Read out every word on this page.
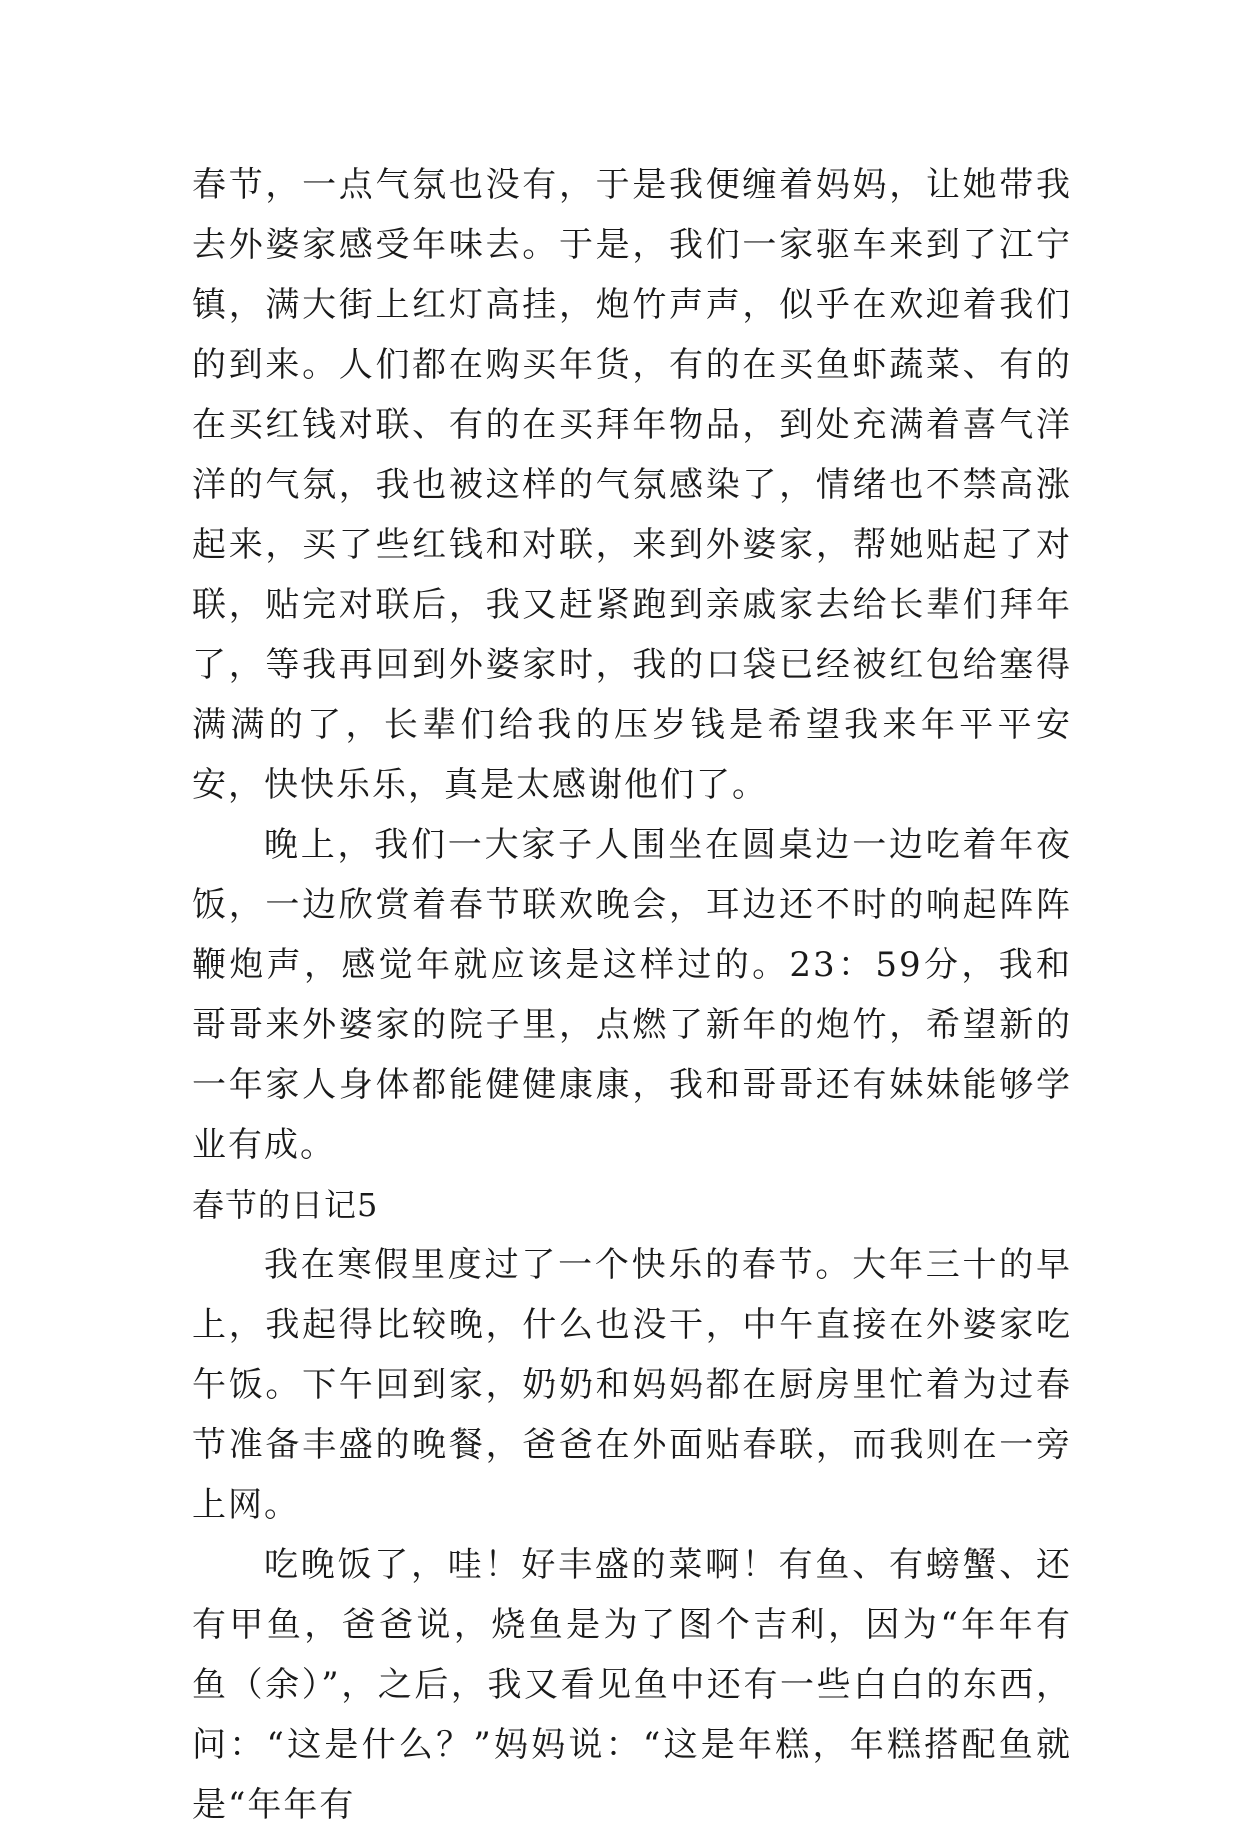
春节，一点气氛也没有，于是我便缠着妈妈，让她带我去外婆家感受年味去。于是，我们一家驱车来到了江宁镇，满大街上红灯高挂，炮竹声声，似乎在欢迎着我们的到来。人们都在购买年货，有的在买鱼虾蔬菜、有的在买红钱对联、有的在买拜年物品，到处充满着喜气洋洋的气氛，我也被这样的气氛感染了，情绪也不禁高涨起来，买了些红钱和对联，来到外婆家，帮她贴起了对联，贴完对联后，我又赶紧跑到亲戚家去给长辈们拜年了，等我再回到外婆家时，我的口袋已经被红包给塞得满满的了，长辈们给我的压岁钱是希望我来年平平安安，快快乐乐，真是太感谢他们了。

晚上，我们一大家子人围坐在圆桌边一边吃着年夜饭，一边欣赏着春节联欢晚会，耳边还不时的响起阵阵鞭炮声，感觉年就应该是这样过的。23：59分，我和哥哥来外婆家的院子里，点燃了新年的炮竹，希望新的一年家人身体都能健健康康，我和哥哥还有妹妹能够学业有成。

春节的日记5

我在寒假里度过了一个快乐的春节。大年三十的早上，我起得比较晚，什么也没干，中午直接在外婆家吃午饭。下午回到家，奶奶和妈妈都在厨房里忙着为过春节准备丰盛的晚餐，爸爸在外面贴春联，而我则在一旁上网。

吃晚饭了，哇！好丰盛的菜啊！有鱼、有螃蟹、还有甲鱼，爸爸说，烧鱼是为了图个吉利，因为“年年有鱼（余）”，之后，我又看见鱼中还有一些白白的东西，问：“这是什么？”妈妈说：“这是年糕，年糕搭配鱼就是“年年有
